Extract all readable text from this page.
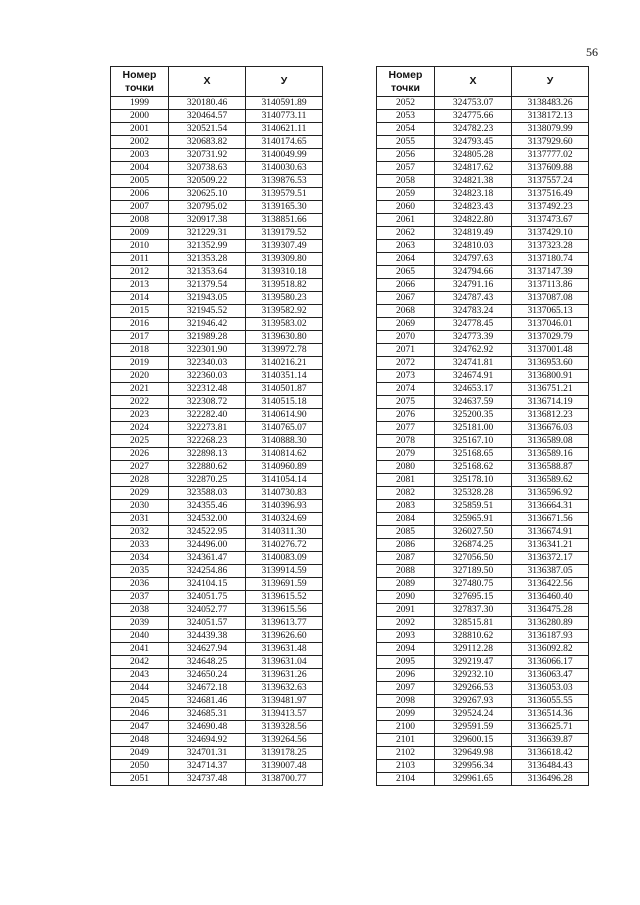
56
Номер
точки	X	У
1999	320180.46	3140591.89
2000	320464.57	3140773.11
2001	320521.54	3140621.11
2002	320683.82	3140174.65
2003	320731.92	3140049.99
2004	320738.63	3140030.63
2005	320509.22	3139876.53
2006	320625.10	3139579.51
2007	320795.02	3139165.30
2008	320917.38	3138851.66
2009	321229.31	3139179.52
2010	321352.99	3139307.49
2011	321353.28	3139309.80
2012	321353.64	3139310.18
2013	321379.54	3139518.82
2014	321943.05	3139580.23
2015	321945.52	3139582.92
2016	321946.42	3139583.02
2017	321989.28	3139630.80
2018	322301.90	3139972.78
2019	322340.03	3140216.21
2020	322360.03	3140351.14
2021	322312.48	3140501.87
2022	322308.72	3140515.18
2023	322282.40	3140614.90
2024	322273.81	3140765.07
2025	322268.23	3140888.30
2026	322898.13	3140814.62
2027	322880.62	3140960.89
2028	322870.25	3141054.14
2029	323588.03	3140730.83
2030	324355.46	3140396.93
2031	324532.00	3140324.69
2032	324522.95	3140311.30
2033	324496.00	3140276.72
2034	324361.47	3140083.09
2035	324254.86	3139914.59
2036	324104.15	3139691.59
2037	324051.75	3139615.52
2038	324052.77	3139615.56
2039	324051.57	3139613.77
2040	324439.38	3139626.60
2041	324627.94	3139631.48
2042	324648.25	3139631.04
2043	324650.24	3139631.26
2044	324672.18	3139632.63
2045	324681.46	3139481.97
2046	324685.31	3139413.57
2047	324690.48	3139328.56
2048	324694.92	3139264.56
2049	324701.31	3139178.25
2050	324714.37	3139007.48
2051	324737.48	3138700.77
Номер
точки	X	У
2052	324753.07	3138483.26
2053	324775.66	3138172.13
2054	324782.23	3138079.99
2055	324793.45	3137929.60
2056	324805.28	3137777.02
2057	324817.62	3137609.88
2058	324821.38	3137557.24
2059	324823.18	3137516.49
2060	324823.43	3137492.23
2061	324822.80	3137473.67
2062	324819.49	3137429.10
2063	324810.03	3137323.28
2064	324797.63	3137180.74
2065	324794.66	3137147.39
2066	324791.16	3137113.86
2067	324787.43	3137087.08
2068	324783.24	3137065.13
2069	324778.45	3137046.01
2070	324773.39	3137029.79
2071	324762.92	3137001.48
2072	324741.81	3136953.60
2073	324674.91	3136800.91
2074	324653.17	3136751.21
2075	324637.59	3136714.19
2076	325200.35	3136812.23
2077	325181.00	3136676.03
2078	325167.10	3136589.08
2079	325168.65	3136589.16
2080	325168.62	3136588.87
2081	325178.10	3136589.62
2082	325328.28	3136596.92
2083	325859.51	3136664.31
2084	325965.91	3136671.56
2085	326027.50	3136674.91
2086	326874.25	3136341.21
2087	327056.50	3136372.17
2088	327189.50	3136387.05
2089	327480.75	3136422.56
2090	327695.15	3136460.40
2091	327837.30	3136475.28
2092	328515.81	3136280.89
2093	328810.62	3136187.93
2094	329112.28	3136092.82
2095	329219.47	3136066.17
2096	329232.10	3136063.47
2097	329266.53	3136053.03
2098	329267.93	3136055.55
2099	329524.24	3136514.36
2100	329591.59	3136625.71
2101	329600.15	3136639.87
2102	329649.98	3136618.42
2103	329956.34	3136484.43
2104	329961.65	3136496.28
